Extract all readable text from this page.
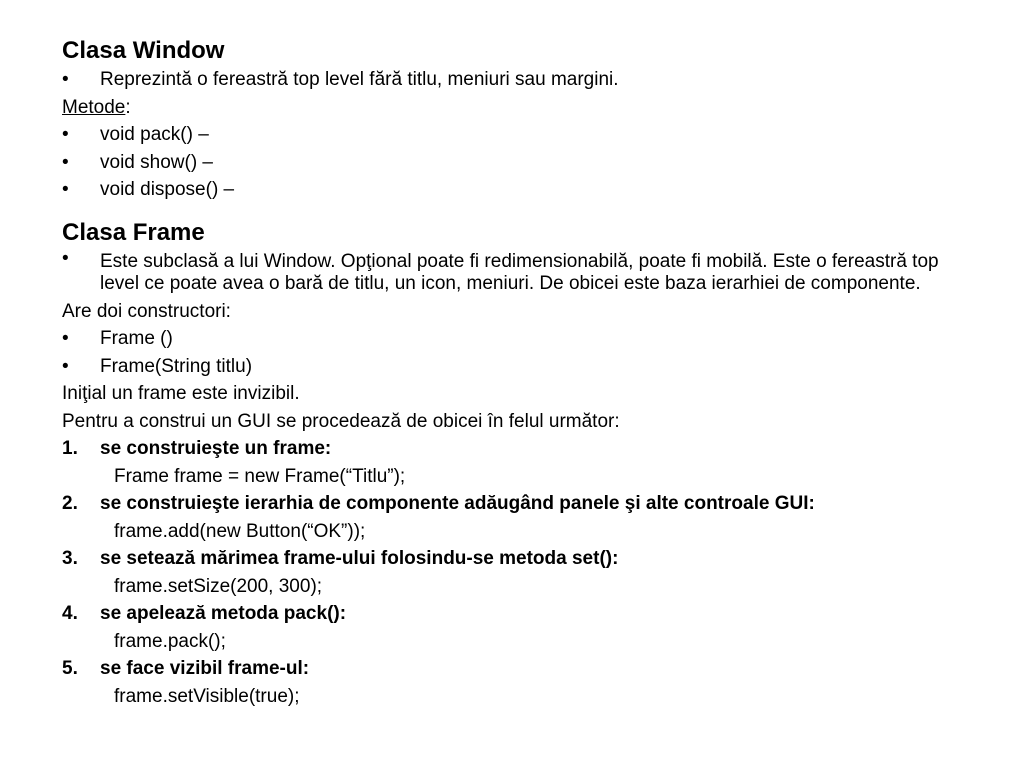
Clasa Window

• Reprezintă o fereastră top level fără titlu, meniuri sau margini.

Metode:

• void pack() –

• void show() –

• void dispose() –

Clasa Frame

• Este subclasă a lui Window. Opţional poate fi redimensionabilă, poate fi mobilă. Este o fereastră top level ce poate avea o bară de titlu, un icon, meniuri. De obicei este baza ierarhiei de componente.

Are doi constructori:

• Frame ()

• Frame(String titlu)

Iniţial un frame este invizibil.

Pentru a construi un GUI se procedează de obicei în felul următor:

1. se construieşte un frame:

Frame frame = new Frame(“Titlu”);

2. se construieşte ierarhia de componente adăugând panele şi alte controale GUI:

frame.add(new Button(“OK”));

3. se setează mărimea frame-ului folosindu-se metoda set():

frame.setSize(200, 300);

4. se apelează metoda pack():

frame.pack();

5. se face vizibil frame-ul:

frame.setVisible(true);
